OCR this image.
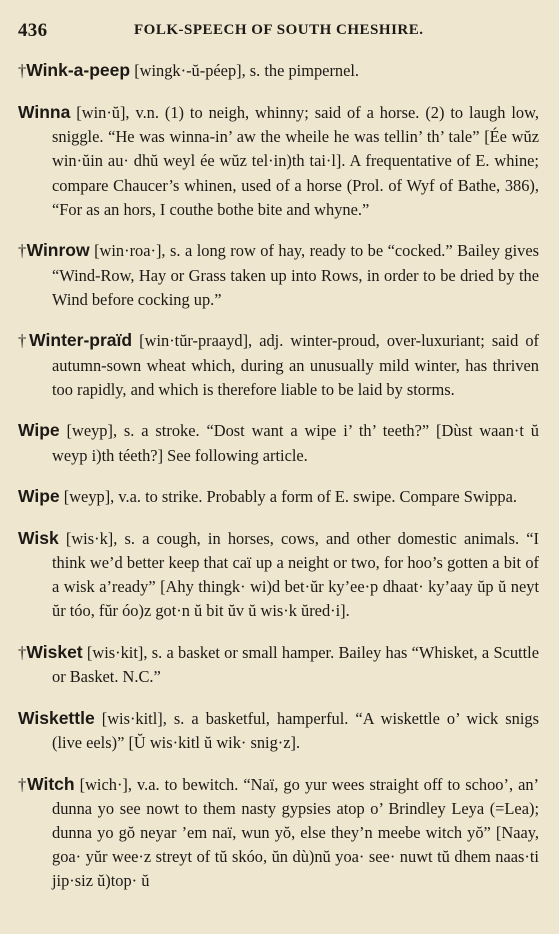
436	FOLK-SPEECH OF SOUTH CHESHIRE.

†Wink-a-peep [wingk·-ŭ-péep], s. the pimpernel.

Winna [win·ŭ], v.n. (1) to neigh, whinny; said of a horse. (2) to laugh low, sniggle. “He was winna-in’ aw the wheile he was tellin’ th’ tale” [Ée wŭz win·ŭin au· dhŭ weyl ée wŭz tel·in)th tai·l]. A frequentative of E. whine; compare Chaucer’s whinen, used of a horse (Prol. of Wyf of Bathe, 386), “For as an hors, I couthe bothe bite and whyne.”

†Winrow [win·roa·], s. a long row of hay, ready to be “cocked.” Bailey gives “Wind-Row, Hay or Grass taken up into Rows, in order to be dried by the Wind before cocking up.”

†Winter-praïd [win·tŭr-praayd], adj. winter-proud, over-luxuriant; said of autumn-sown wheat which, during an unusually mild winter, has thriven too rapidly, and which is therefore liable to be laid by storms.

Wipe [weyp], s. a stroke. “Dost want a wipe i’ th’ teeth?” [Dùst waan·t ŭ weyp i)th téeth?] See following article.

Wipe [weyp], v.a. to strike. Probably a form of E. swipe. Compare Swippa.

Wisk [wis·k], s. a cough, in horses, cows, and other domestic animals. “I think we’d better keep that caï up a neight or two, for hoo’s gotten a bit of a wisk a’ready” [Ahy thingk· wi)d bet·ŭr ky’ee·p dhaat· ky’aay ŭp ŭ neyt ŭr tóo, fŭr óo)z got·n ŭ bit ŭv ŭ wis·k ŭred·i].

†Wisket [wis·kit], s. a basket or small hamper. Bailey has “Whisket, a Scuttle or Basket. N.C.”

Wiskettle [wis·kitl], s. a basketful, hamperful. “A wiskettle o’ wick snigs (live eels)” [Ŭ wis·kitl ŭ wik· snig·z].

†Witch [wich·], v.a. to bewitch. “Naï, go yur wees straight off to schoo’, an’ dunna yo see nowt to them nasty gypsies atop o’ Brindley Leya (=Lea); dunna yo gŏ neyar ’em naï, wun yŏ, else they’n meebe witch yŏ” [Naay, goa· yŭr wee·z streyt of tŭ skóo, ŭn dù)nŭ yoa· see· nuwt tŭ dhem naas·ti jip·siz ŭ)top· ŭ
